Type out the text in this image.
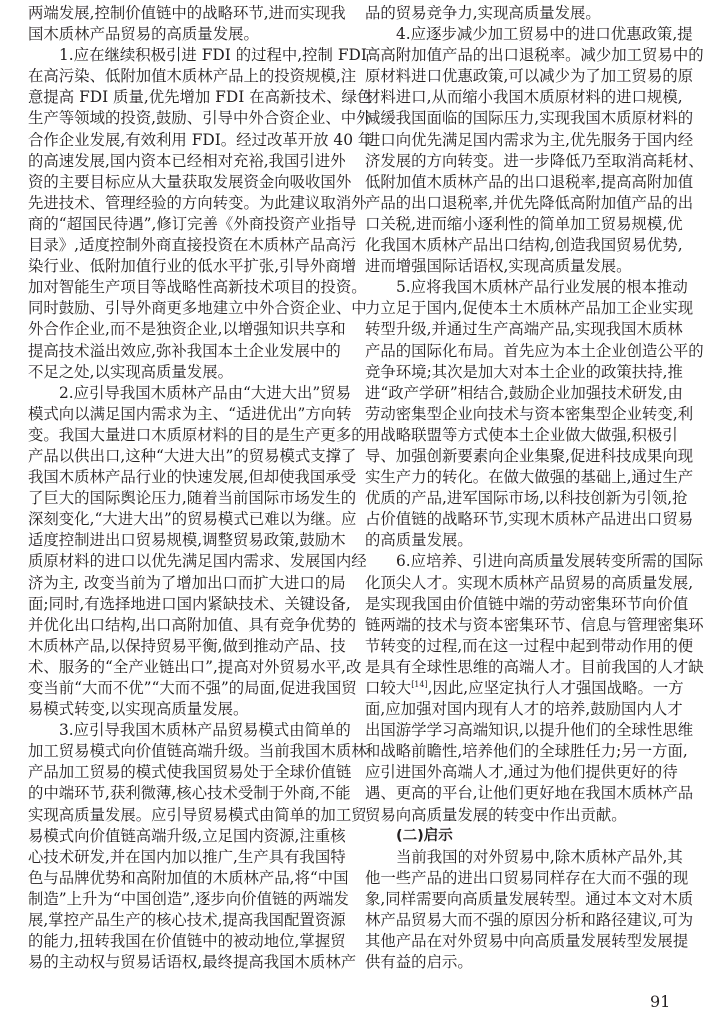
两端发展,控制价值链中的战略环节,进而实现我
国木质林产品贸易的高质量发展。
1.应在继续积极引进 FDI 的过程中,控制 FDI
在高污染、低附加值木质林产品上的投资规模,注
意提高 FDI 质量,优先增加 FDI 在高新技术、绿色
生产等领域的投资,鼓励、引导中外合资企业、中外
合作企业发展,有效利用 FDI。经过改革开放 40 年
的高速发展,国内资本已经相对充裕,我国引进外
资的主要目标应从大量获取发展资金向吸收国外
先进技术、管理经验的方向转变。为此建议取消外
商的“超国民待遇”,修订完善《外商投资产业指导
目录》,适度控制外商直接投资在木质林产品高污
染行业、低附加值行业的低水平扩张,引导外商增
加对智能生产项目等战略性高新技术项目的投资。
同时鼓励、引导外商更多地建立中外合资企业、中
外合作企业,而不是独资企业,以增强知识共享和
提高技术溢出效应,弥补我国本土企业发展中的
不足之处,以实现高质量发展。
2.应引导我国木质林产品由“大进大出”贸易
模式向以满足国内需求为主、“适进优出”方向转
变。我国大量进口木质原材料的目的是生产更多的
产品以供出口,这种“大进大出”的贸易模式支撑了
我国木质林产品行业的快速发展,但却使我国承受
了巨大的国际舆论压力,随着当前国际市场发生的
深刻变化,“大进大出”的贸易模式已难以为继。应
适度控制进出口贸易规模,调整贸易政策,鼓励木
质原材料的进口以优先满足国内需求、发展国内经
济为主, 改变当前为了增加出口而扩大进口的局
面;同时,有选择地进口国内紧缺技术、关键设备,
并优化出口结构,出口高附加值、具有竞争优势的
木质林产品,以保持贸易平衡,做到推动产品、技
术、服务的“全产业链出口”,提高对外贸易水平,改
变当前“大而不优”“大而不强”的局面,促进我国贸
易模式转变,以实现高质量发展。
3.应引导我国木质林产品贸易模式由简单的
加工贸易模式向价值链高端升级。当前我国木质林
产品加工贸易的模式使我国贸易处于全球价值链
的中端环节,获利微薄,核心技术受制于外商,不能
实现高质量发展。应引导贸易模式由简单的加工贸
易模式向价值链高端升级,立足国内资源,注重核
心技术研发,并在国内加以推广,生产具有我国特
色与品牌优势和高附加值的木质林产品,将“中国
制造”上升为“中国创造”,逐步向价值链的两端发
展,掌控产品生产的核心技术,提高我国配置资源
的能力,扭转我国在价值链中的被动地位,掌握贸
易的主动权与贸易话语权,最终提高我国木质林产
品的贸易竞争力,实现高质量发展。
4.应逐步减少加工贸易中的进口优惠政策,提
高高附加值产品的出口退税率。减少加工贸易中的
原材料进口优惠政策,可以减少为了加工贸易的原
材料进口,从而缩小我国木质原材料的进口规模,
减缓我国面临的国际压力,实现我国木质原材料的
进口向优先满足国内需求为主,优先服务于国内经
济发展的方向转变。进一步降低乃至取消高耗材、
低附加值木质林产品的出口退税率,提高高附加值
产品的出口退税率,并优先降低高附加值产品的出
口关税,进而缩小逐利性的简单加工贸易规模,优
化我国木质林产品出口结构,创造我国贸易优势,
进而增强国际话语权,实现高质量发展。
5.应将我国木质林产品行业发展的根本推动
力立足于国内,促使本土木质林产品加工企业实现
转型升级,并通过生产高端产品,实现我国木质林
产品的国际化布局。首先应为本土企业创造公平的
竞争环境;其次是加大对本土企业的政策扶持,推
进“政产学研”相结合,鼓励企业加强技术研发,由
劳动密集型企业向技术与资本密集型企业转变,利
用战略联盟等方式使本土企业做大做强,积极引
导、加强创新要素向企业集聚,促进科技成果向现
实生产力的转化。在做大做强的基础上,通过生产
优质的产品,进军国际市场,以科技创新为引领,抢
占价值链的战略环节,实现木质林产品进出口贸易
的高质量发展。
6.应培养、引进向高质量发展转变所需的国际
化顶尖人才。实现木质林产品贸易的高质量发展,
是实现我国由价值链中端的劳动密集环节向价值
链两端的技术与资本密集环节、信息与管理密集环
节转变的过程,而在这一过程中起到带动作用的便
是具有全球性思维的高端人才。目前我国的人才缺
口较大[14],因此,应坚定执行人才强国战略。一方
面,应加强对国内现有人才的培养,鼓励国内人才
出国游学学习高端知识,以提升他们的全球性思维
和战略前瞻性,培养他们的全球胜任力;另一方面,
应引进国外高端人才,通过为他们提供更好的待
遇、更高的平台,让他们更好地在我国木质林产品
贸易向高质量发展的转变中作出贡献。
(二)启示
当前我国的对外贸易中,除木质林产品外,其
他一些产品的进出口贸易同样存在大而不强的现
象,同样需要向高质量发展转型。通过本文对木质
林产品贸易大而不强的原因分析和路径建议,可为
其他产品在对外贸易中向高质量发展转型发展提
供有益的启示。
91
